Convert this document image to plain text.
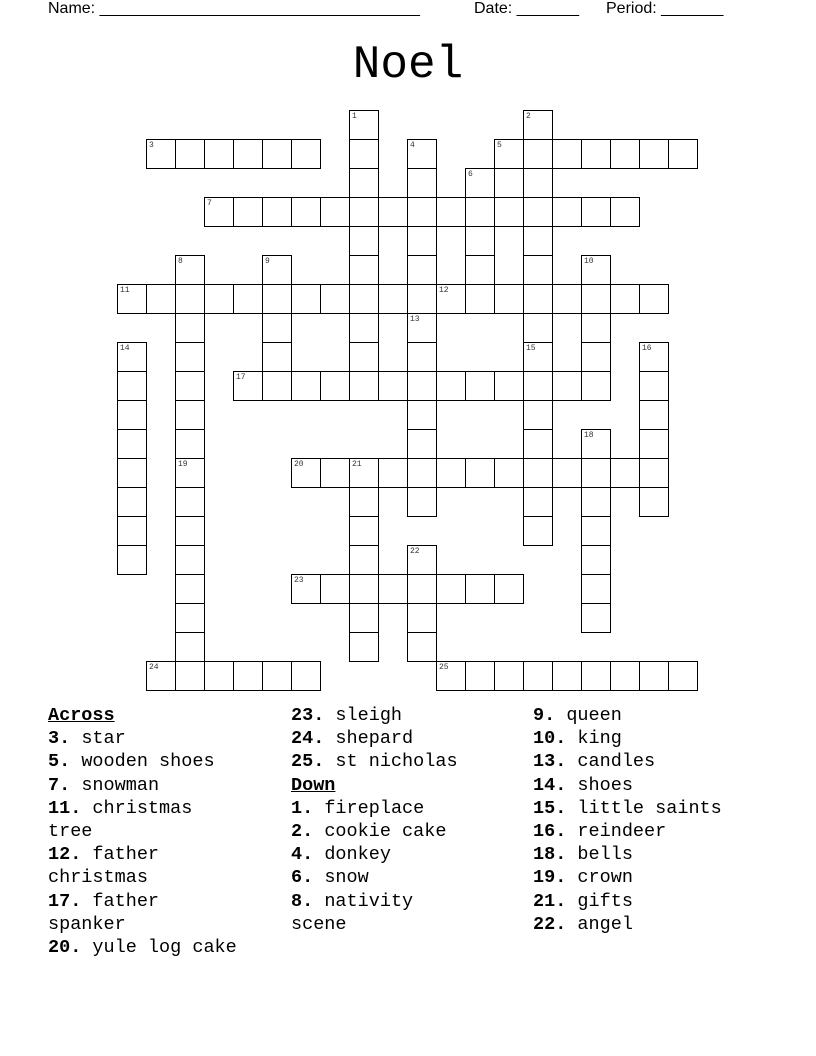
Name: ____________________________________	Date: _______ Period: _______
Noel
3	5
7
11	12
17
20
23
24	25
1	2
4
6
8	9	10
13
14	15	16
18
19	21
22
Across
3. star
5. wooden shoes
7. snowman
11. christmas
tree
12. father
christmas
17. father
spanker
20. yule log cake
23. sleigh
24. shepard
25. st nicholas
Down
1. fireplace
2. cookie cake
4. donkey
6. snow
8. nativity
scene
9. queen
10. king
13. candles
14. shoes
15. little saints
16. reindeer
18. bells
19. crown
21. gifts
22. angel
